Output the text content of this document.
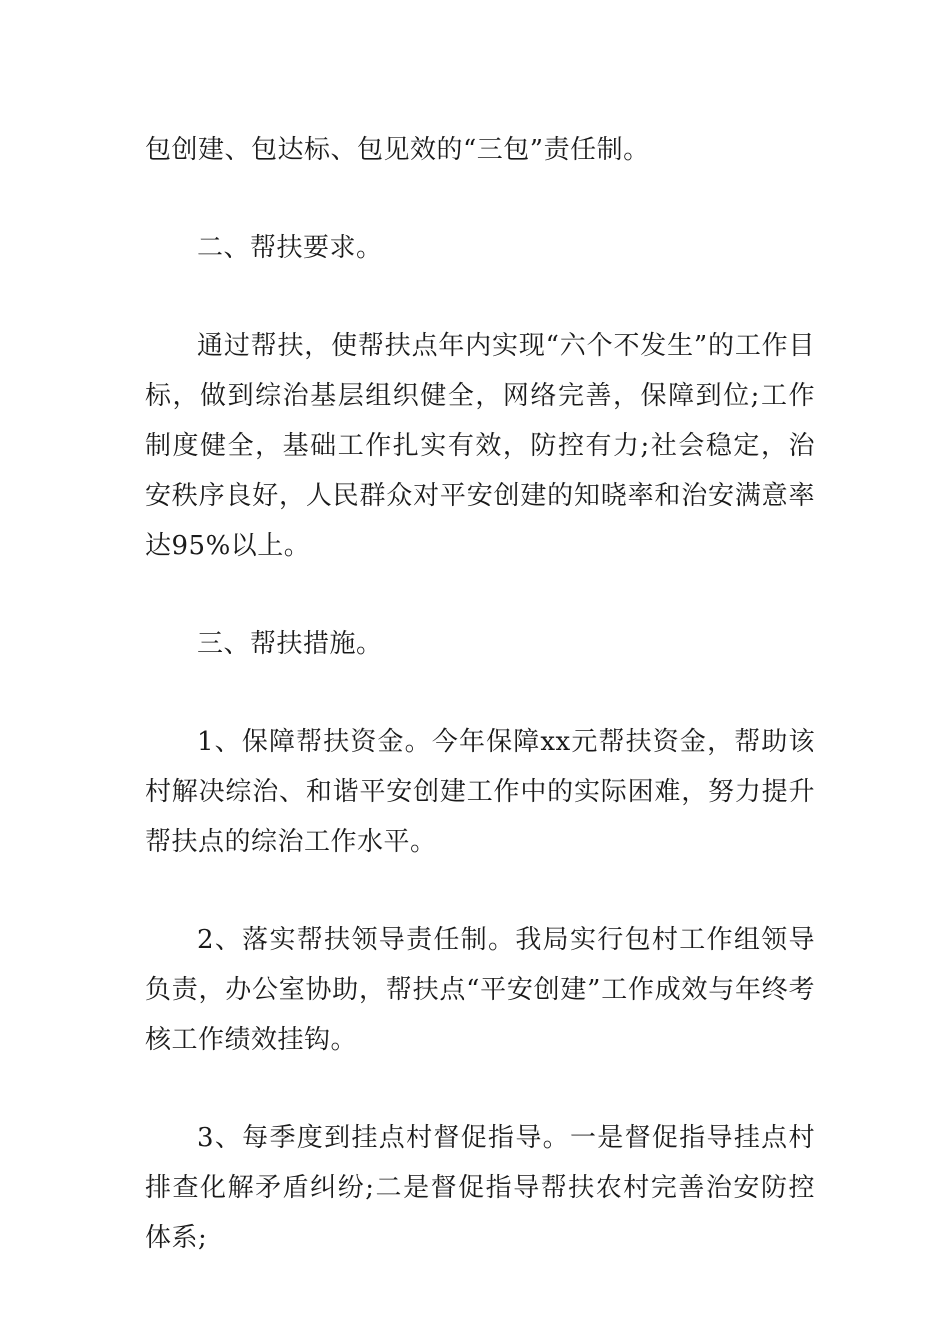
包创建、包达标、包见效的“三包”责任制。

二、帮扶要求。

通过帮扶，使帮扶点年内实现“六个不发生”的工作目标，做到综治基层组织健全，网络完善，保障到位;工作制度健全，基础工作扎实有效，防控有力;社会稳定，治安秩序良好，人民群众对平安创建的知晓率和治安满意率达95%以上。

三、帮扶措施。

1、保障帮扶资金。今年保障xx元帮扶资金，帮助该村解决综治、和谐平安创建工作中的实际困难，努力提升帮扶点的综治工作水平。

2、落实帮扶领导责任制。我局实行包村工作组领导负责，办公室协助，帮扶点“平安创建”工作成效与年终考核工作绩效挂钩。

3、每季度到挂点村督促指导。一是督促指导挂点村排查化解矛盾纠纷;二是督促指导帮扶农村完善治安防控体系;
